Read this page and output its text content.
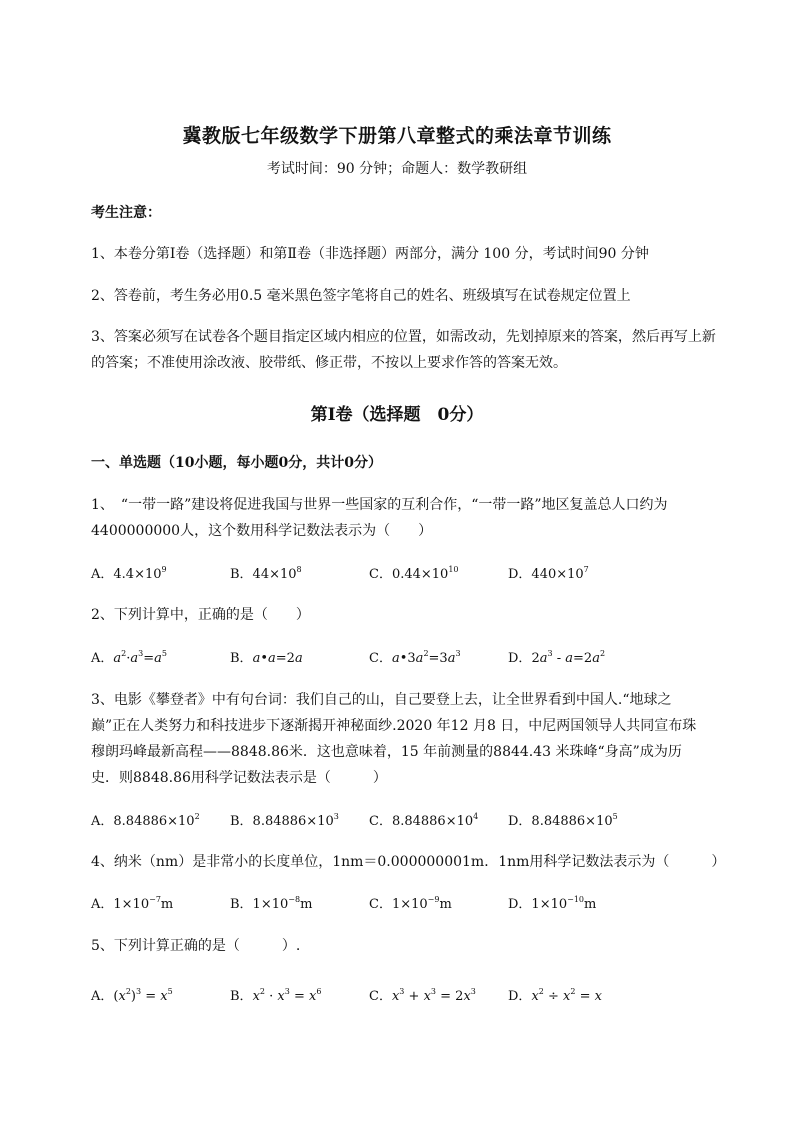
冀教版七年级数学下册第八章整式的乘法章节训练
考试时间：90 分钟；命题人：数学教研组
考生注意：
1、本卷分第Ⅰ卷（选择题）和第Ⅱ卷（非选择题）两部分，满分 100 分，考试时间90 分钟
2、答卷前，考生务必用0.5 毫米黑色签字笔将自己的姓名、班级填写在试卷规定位置上
3、答案必须写在试卷各个题目指定区域内相应的位置，如需改动，先划掉原来的答案，然后再写上新
的答案；不准使用涂改液、胶带纸、修正带，不按以上要求作答的答案无效。
第Ⅰ卷（选择题　0分）
一、单选题（10小题，每小题0分，共计0分）
1、　“一带一路”建设将促进我国与世界一些国家的互利合作，“一带一路”地区复盖总人口约为
4400000000人，这个数用科学记数法表示为（　　）
A．$4.4\times 10^9$	B．$44\times 10^8$	C．$0.44\times 10^{10}$	D．$440\times 10^7$
2、下列计算中，正确的是（　　）
A．$a^2\cdot a^3=a^5$	B．a•a=2a	C．$a•3a^2=3a^3$	D．$2a^3 - a=2a^2$
3、电影《攀登者》中有句台词：我们自己的山，自己要登上去，让全世界看到中国人.“地球之
巅”正在人类努力和科技进步下逐渐揭开神秘面纱.2020 年12 月8 日，中尼两国领导人共同宣布珠
穆朗玛峰最新高程——8848.86米．这也意味着，15 年前测量的8844.43 米珠峰“身高”成为历
史．则8848.86用科学记数法表示是（　　　）
A．$8.84886\times 10^2$ B．$8.84886\times 10^3$ C．$8.84886\times 10^4$ D．$8.84886\times 10^5$
4、纳米（nm）是非常小的长度单位，1nm＝0.000000001m．1nm用科学记数法表示为（　　　）
A．$1\times 10^{-7}m$	B．$1\times 10^{-8}m$	C．$1\times 10^{-9}m$	D．$1\times 10^{-10}m$
5、下列计算正确的是（　　　）.
A．$(x^2)^3 = x^5$	B．$x^2 \cdot x^3 = x^6$	C．$x^3 + x^3 = 2x^3$ D．$x^2 \div x^2 = x$
